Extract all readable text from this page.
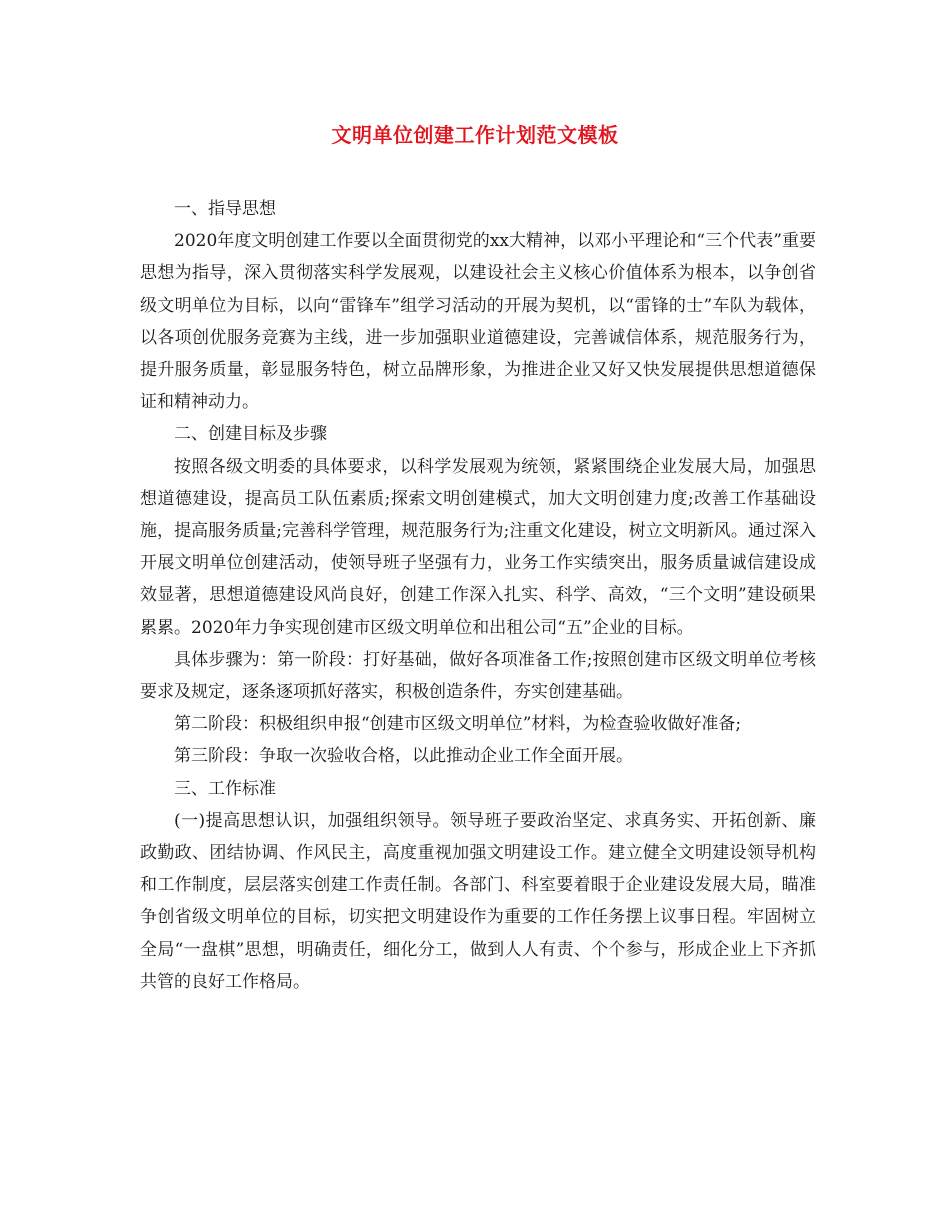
文明单位创建工作计划范文模板

一、指导思想

2020年度文明创建工作要以全面贯彻党的xx大精神，以邓小平理论和“三个代表”重要思想为指导，深入贯彻落实科学发展观，以建设社会主义核心价值体系为根本，以争创省级文明单位为目标，以向“雷锋车”组学习活动的开展为契机，以“雷锋的士”车队为载体，以各项创优服务竞赛为主线，进一步加强职业道德建设，完善诚信体系，规范服务行为，提升服务质量，彰显服务特色，树立品牌形象，为推进企业又好又快发展提供思想道德保证和精神动力。

二、创建目标及步骤

按照各级文明委的具体要求，以科学发展观为统领，紧紧围绕企业发展大局，加强思想道德建设，提高员工队伍素质;探索文明创建模式，加大文明创建力度;改善工作基础设施，提高服务质量;完善科学管理，规范服务行为;注重文化建设，树立文明新风。通过深入开展文明单位创建活动，使领导班子坚强有力，业务工作实绩突出，服务质量诚信建设成效显著，思想道德建设风尚良好，创建工作深入扎实、科学、高效，“三个文明”建设硕果累累。2020年力争实现创建市区级文明单位和出租公司“五”企业的目标。

具体步骤为：第一阶段：打好基础，做好各项准备工作;按照创建市区级文明单位考核要求及规定，逐条逐项抓好落实，积极创造条件，夯实创建基础。

第二阶段：积极组织申报“创建市区级文明单位”材料，为检查验收做好准备;

第三阶段：争取一次验收合格，以此推动企业工作全面开展。

三、工作标准

(一)提高思想认识，加强组织领导。领导班子要政治坚定、求真务实、开拓创新、廉政勤政、团结协调、作风民主，高度重视加强文明建设工作。建立健全文明建设领导机构和工作制度，层层落实创建工作责任制。各部门、科室要着眼于企业建设发展大局，瞄准争创省级文明单位的目标，切实把文明建设作为重要的工作任务摆上议事日程。牢固树立全局“一盘棋”思想，明确责任，细化分工，做到人人有责、个个参与，形成企业上下齐抓共管的良好工作格局。
